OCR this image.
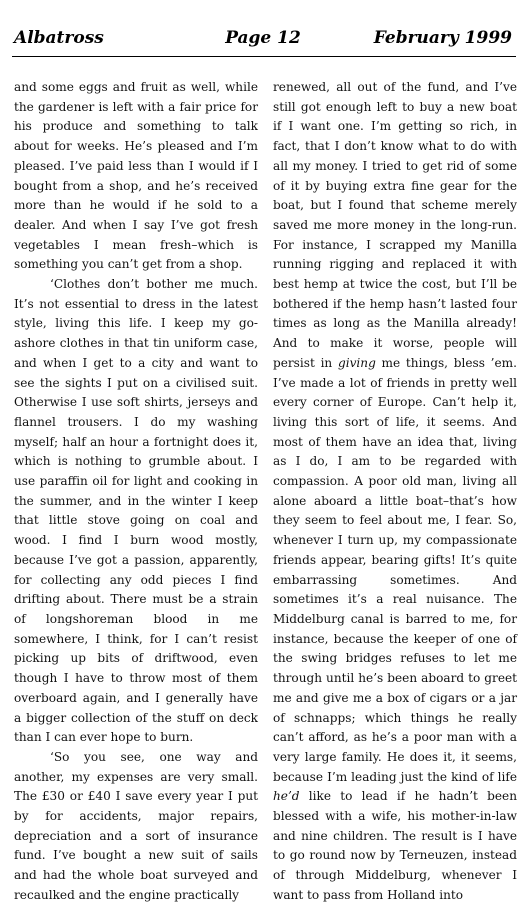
Albatross	Page 12	February 1999

and some eggs and fruit as well, while the gardener is left with a fair price for his produce and something to talk about for weeks. He’s pleased and I’m pleased. I’ve paid less than I would if I bought from a shop, and he’s received more than he would if he sold to a dealer. And when I say I’ve got fresh vegetables I mean fresh–which is something you can’t get from a shop.

‘Clothes don’t bother me much. It’s not essential to dress in the latest style, living this life. I keep my go-ashore clothes in that tin uniform case, and when I get to a city and want to see the sights I put on a civilised suit. Otherwise I use soft shirts, jerseys and flannel trousers. I do my washing myself; half an hour a fortnight does it, which is nothing to grumble about. I use paraffin oil for light and cooking in the summer, and in the winter I keep that little stove going on coal and wood. I find I burn wood mostly, because I’ve got a passion, apparently, for collecting any odd pieces I find drifting about. There must be a strain of longshoreman blood in me somewhere, I think, for I can’t resist picking up bits of driftwood, even though I have to throw most of them overboard again, and I generally have a bigger collection of the stuff on deck than I can ever hope to burn.

‘So you see, one way and another, my expenses are very small. The £30 or £40 I save every year I put by for accidents, major repairs, depreciation and a sort of insurance fund. I’ve bought a new suit of sails and had the whole boat surveyed and recaulked and the engine practically

renewed, all out of the fund, and I’ve still got enough left to buy a new boat if I want one. I’m getting so rich, in fact, that I don’t know what to do with all my money. I tried to get rid of some of it by buying extra fine gear for the boat, but I found that scheme merely saved me more money in the long-run. For instance, I scrapped my Manilla running rigging and replaced it with best hemp at twice the cost, but I’ll be bothered if the hemp hasn’t lasted four times as long as the Manilla already! And to make it worse, people will persist in giving me things, bless ’em. I’ve made a lot of friends in pretty well every corner of Europe. Can’t help it, living this sort of life, it seems. And most of them have an idea that, living as I do, I am to be regarded with compassion. A poor old man, living all alone aboard a little boat–that’s how they seem to feel about me, I fear. So, whenever I turn up, my compassionate friends appear, bearing gifts! It’s quite embarrassing sometimes. And sometimes it’s a real nuisance. The Middelburg canal is barred to me, for instance, because the keeper of one of the swing bridges refuses to let me through until he’s been aboard to greet me and give me a box of cigars or a jar of schnapps; which things he really can’t afford, as he’s a poor man with a very large family. He does it, it seems, because I’m leading just the kind of life he’d like to lead if he hadn’t been blessed with a wife, his mother-in-law and nine children. The result is I have to go round now by Terneuzen, instead of through Middelburg, whenever I want to pass from Holland into
